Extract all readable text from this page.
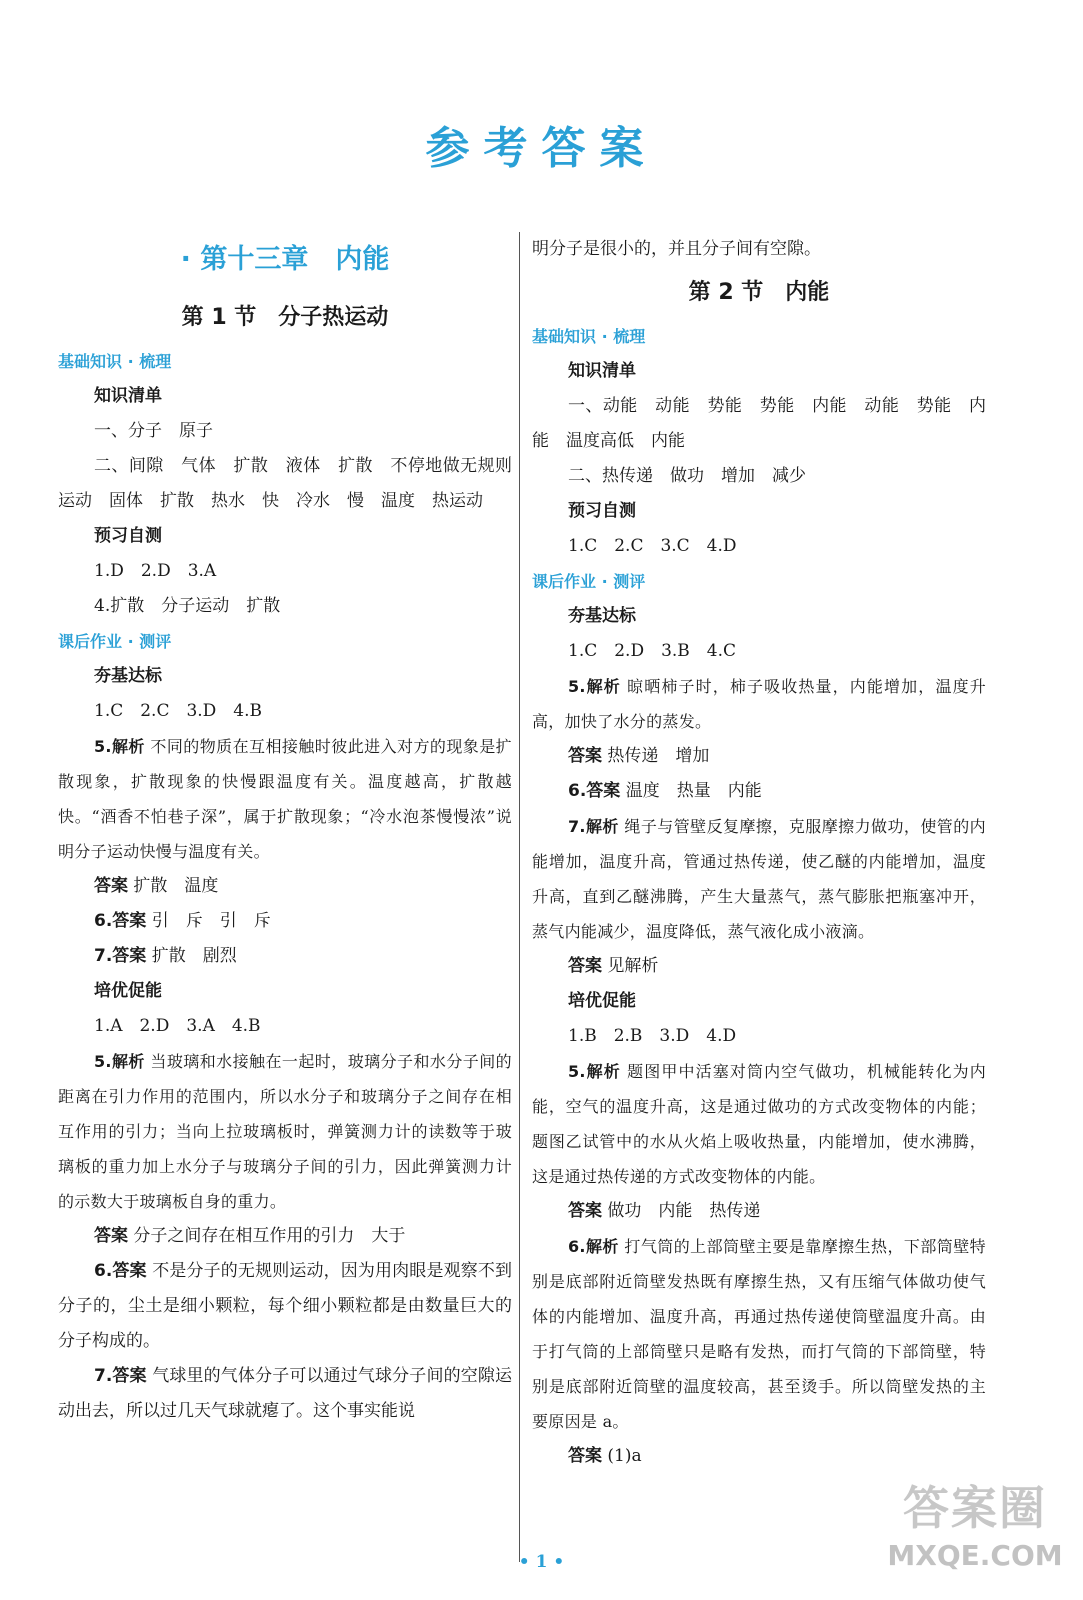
参考答案
· 第十三章　内能
第 1 节　分子热运动
基础知识 · 梳理
知识清单

一、分子　原子

二、间隙　气体　扩散　液体　扩散　不停地做无规则运动　固体　扩散　热水　快　冷水　慢　温度　热运动

预习自测

1.D　2.D　3.A

4.扩散　分子运动　扩散

课后作业 · 测评
夯基达标

1.C　2.C　3.D　4.B

5.解析 不同的物质在互相接触时彼此进入对方的现象是扩散现象，扩散现象的快慢跟温度有关。温度越高，扩散越快。“酒香不怕巷子深”，属于扩散现象；“冷水泡茶慢慢浓”说明分子运动快慢与温度有关。

答案 扩散　温度

6.答案 引　斥　引　斥

7.答案 扩散　剧烈

培优促能

1.A　2.D　3.A　4.B

5.解析 当玻璃和水接触在一起时，玻璃分子和水分子间的距离在引力作用的范围内，所以水分子和玻璃分子之间存在相互作用的引力；当向上拉玻璃板时，弹簧测力计的读数等于玻璃板的重力加上水分子与玻璃分子间的引力，因此弹簧测力计的示数大于玻璃板自身的重力。

答案 分子之间存在相互作用的引力　大于

6.答案 不是分子的无规则运动，因为用肉眼是观察不到分子的，尘土是细小颗粒，每个细小颗粒都是由数量巨大的分子构成的。

7.答案 气球里的气体分子可以通过气球分子间的空隙运动出去，所以过几天气球就瘪了。这个事实能说

明分子是很小的，并且分子间有空隙。

第 2 节　内能
基础知识 · 梳理
知识清单

一、动能　动能　势能　势能　内能　动能　势能　内能　温度高低　内能

二、热传递　做功　增加　减少

预习自测

1.C　2.C　3.C　4.D

课后作业 · 测评
夯基达标

1.C　2.D　3.B　4.C

5.解析 晾晒柿子时，柿子吸收热量，内能增加，温度升高，加快了水分的蒸发。

答案 热传递　增加

6.答案 温度　热量　内能

7.解析 绳子与管壁反复摩擦，克服摩擦力做功，使管的内能增加，温度升高，管通过热传递，使乙醚的内能增加，温度升高，直到乙醚沸腾，产生大量蒸气，蒸气膨胀把瓶塞冲开，蒸气内能减少，温度降低，蒸气液化成小液滴。

答案 见解析

培优促能

1.B　2.B　3.D　4.D

5.解析 题图甲中活塞对筒内空气做功，机械能转化为内能，空气的温度升高，这是通过做功的方式改变物体的内能；题图乙试管中的水从火焰上吸收热量，内能增加，使水沸腾，这是通过热传递的方式改变物体的内能。

答案 做功　内能　热传递

6.解析 打气筒的上部筒壁主要是靠摩擦生热，下部筒壁特别是底部附近筒壁发热既有摩擦生热，又有压缩气体做功使气体的内能增加、温度升高，再通过热传递使筒壁温度升高。由于打气筒的上部筒壁只是略有发热，而打气筒的下部筒壁，特别是底部附近筒壁的温度较高，甚至烫手。所以筒壁发热的主要原因是 a。

答案 (1)a

• 1 •
答案圈
MXQE.COM
